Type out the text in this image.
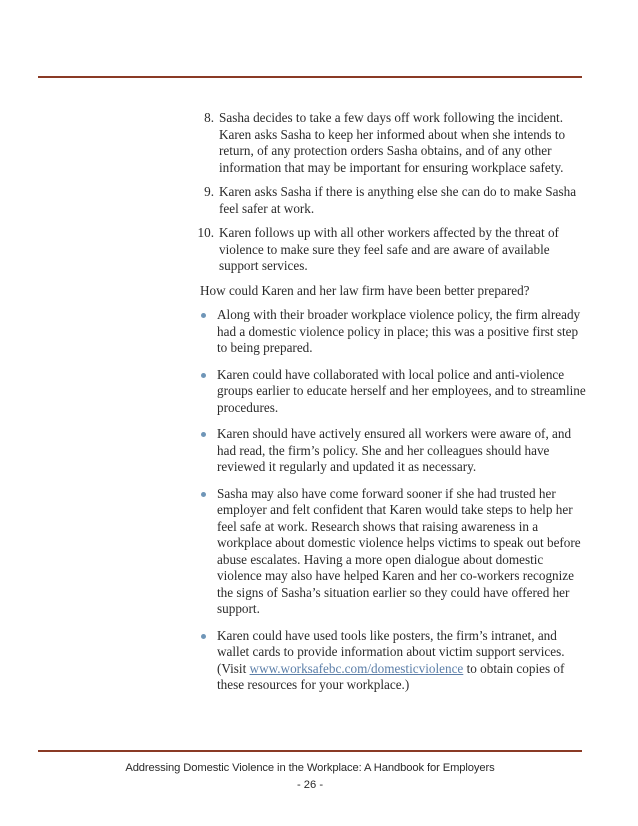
8. Sasha decides to take a few days off work following the incident. Karen asks Sasha to keep her informed about when she intends to return, of any protection orders Sasha obtains, and of any other information that may be important for ensuring workplace safety.
9. Karen asks Sasha if there is anything else she can do to make Sasha feel safer at work.
10. Karen follows up with all other workers affected by the threat of violence to make sure they feel safe and are aware of available support services.

How could Karen and her law firm have been better prepared?

Along with their broader workplace violence policy, the firm already had a domestic violence policy in place; this was a positive first step to being prepared.
Karen could have collaborated with local police and anti-violence groups earlier to educate herself and her employees, and to streamline procedures.
Karen should have actively ensured all workers were aware of, and had read, the firm’s policy. She and her colleagues should have reviewed it regularly and updated it as necessary.
Sasha may also have come forward sooner if she had trusted her employer and felt confident that Karen would take steps to help her feel safe at work. Research shows that raising awareness in a workplace about domestic violence helps victims to speak out before abuse escalates. Having a more open dialogue about domestic violence may also have helped Karen and her co-workers recognize the signs of Sasha’s situation earlier so they could have offered her support.
Karen could have used tools like posters, the firm’s intranet, and wallet cards to provide information about victim support services. (Visit www.worksafebc.com/domesticviolence to obtain copies of these resources for your workplace.)
Addressing Domestic Violence in the Workplace: A Handbook for Employers
- 26 -
